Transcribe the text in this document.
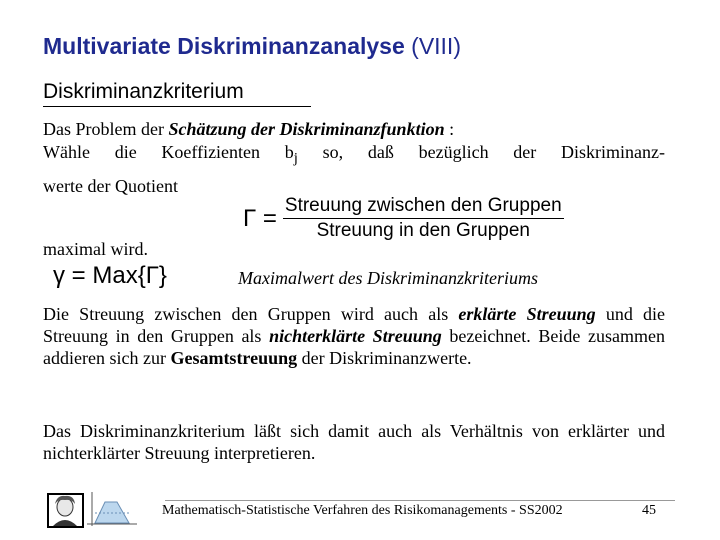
Multivariate Diskriminanzanalyse (VIII)
Diskriminanzkriterium
Das Problem der Schätzung der Diskriminanzfunktion :
Wähle die Koeffizienten $b_j$ so, daß bezüglich der Diskriminanz-
werte der Quotient
$\Gamma = \frac{\text{Streuung zwischen den Gruppen}}{\text{Streuung in den Gruppen}}$
maximal wird.
γ = Max{Γ}	Maximalwert des Diskriminanzkriteriums
Die Streuung zwischen den Gruppen wird auch als erklärte Streuung und die Streuung in den Gruppen als nichterklärte Streuung bezeichnet. Beide zusammen addieren sich zur Gesamtstreuung der Diskriminanzwerte.
Das Diskriminanzkriterium läßt sich damit auch als Verhältnis von erklärter und nichterklärter Streuung interpretieren.
Mathematisch-Statistische Verfahren des Risikomanagements - SS2002	45
